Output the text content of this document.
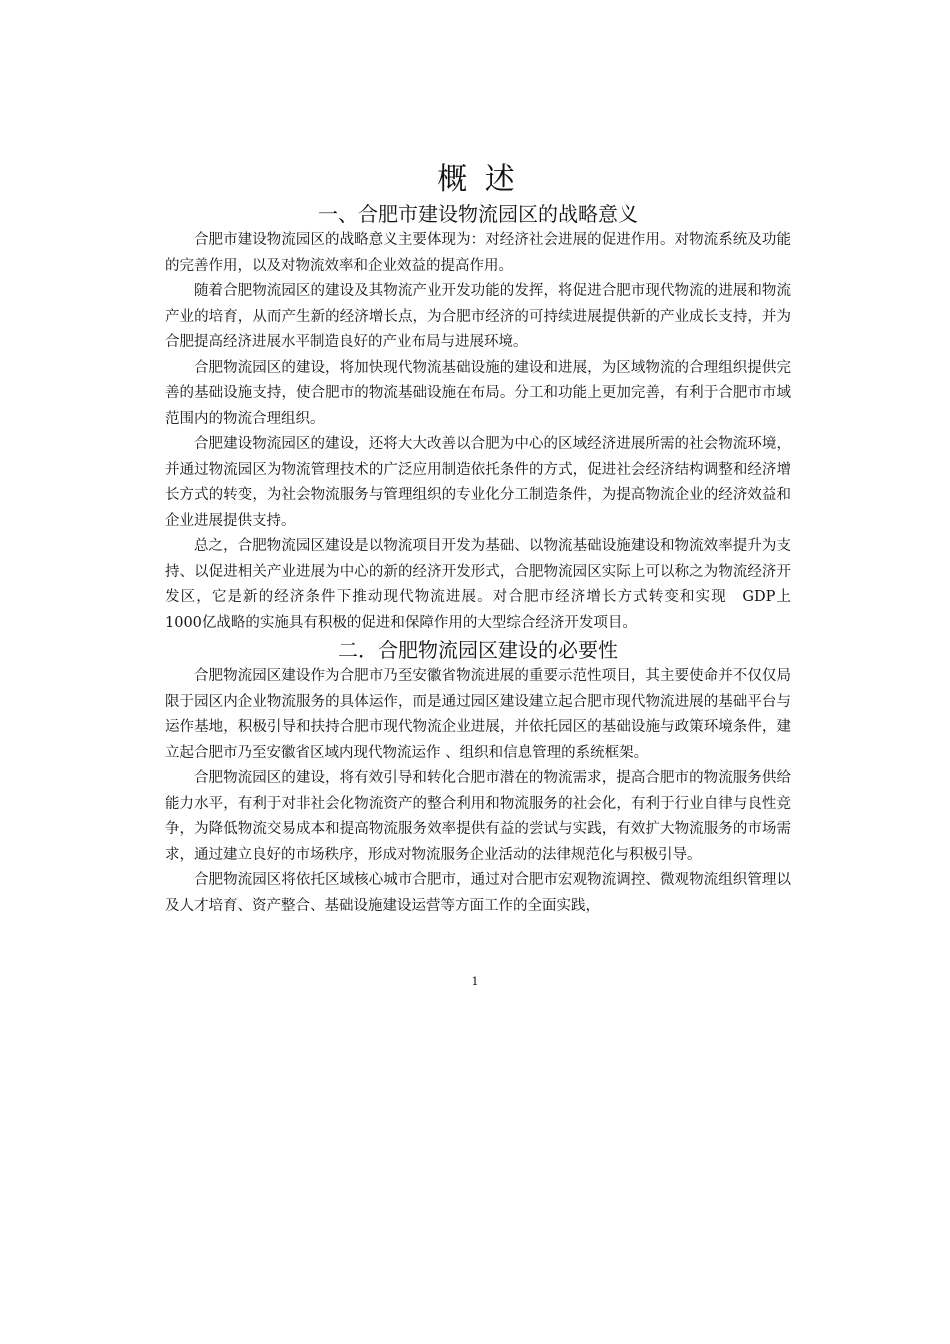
概 述
一、合肥市建设物流园区的战略意义

合肥市建设物流园区的战略意义主要体现为：对经济社会进展的促进作用。对物流系统及功能的完善作用，以及对物流效率和企业效益的提高作用。

随着合肥物流园区的建设及其物流产业开发功能的发挥，将促进合肥市现代物流的进展和物流产业的培育，从而产生新的经济增长点，为合肥市经济的可持续进展提供新的产业成长支持，并为合肥提高经济进展水平制造良好的产业布局与进展环境。

合肥物流园区的建设，将加快现代物流基础设施的建设和进展，为区域物流的合理组织提供完善的基础设施支持，使合肥市的物流基础设施在布局。分工和功能上更加完善，有利于合肥市市域范围内的物流合理组织。

合肥建设物流园区的建设，还将大大改善以合肥为中心的区域经济进展所需的社会物流环境，并通过物流园区为物流管理技术的广泛应用制造依托条件的方式，促进社会经济结构调整和经济增长方式的转变，为社会物流服务与管理组织的专业化分工制造条件，为提高物流企业的经济效益和企业进展提供支持。

总之，合肥物流园区建设是以物流项目开发为基础、以物流基础设施建设和物流效率提升为支持、以促进相关产业进展为中心的新的经济开发形式，合肥物流园区实际上可以称之为物流经济开发区，它是新的经济条件下推动现代物流进展。对合肥市经济增长方式转变和实现　GDP上　1000亿战略的实施具有积极的促进和保障作用的大型综合经济开发项目。

二．合肥物流园区建设的必要性

合肥物流园区建设作为合肥市乃至安徽省物流进展的重要示范性项目，其主要使命并不仅仅局限于园区内企业物流服务的具体运作，而是通过园区建设建立起合肥市现代物流进展的基础平台与运作基地，积极引导和扶持合肥市现代物流企业进展，并依托园区的基础设施与政策环境条件，建立起合肥市乃至安徽省区域内现代物流运作 、组织和信息管理的系统框架。

合肥物流园区的建设，将有效引导和转化合肥市潜在的物流需求，提高合肥市的物流服务供给能力水平，有利于对非社会化物流资产的整合利用和物流服务的社会化，有利于行业自律与良性竞争，为降低物流交易成本和提高物流服务效率提供有益的尝试与实践，有效扩大物流服务的市场需求，通过建立良好的市场秩序，形成对物流服务企业活动的法律规范化与积极引导。

合肥物流园区将依托区域核心城市合肥市，通过对合肥市宏观物流调控、微观物流组织管理以及人才培育、资产整合、基础设施建设运营等方面工作的全面实践，

1
